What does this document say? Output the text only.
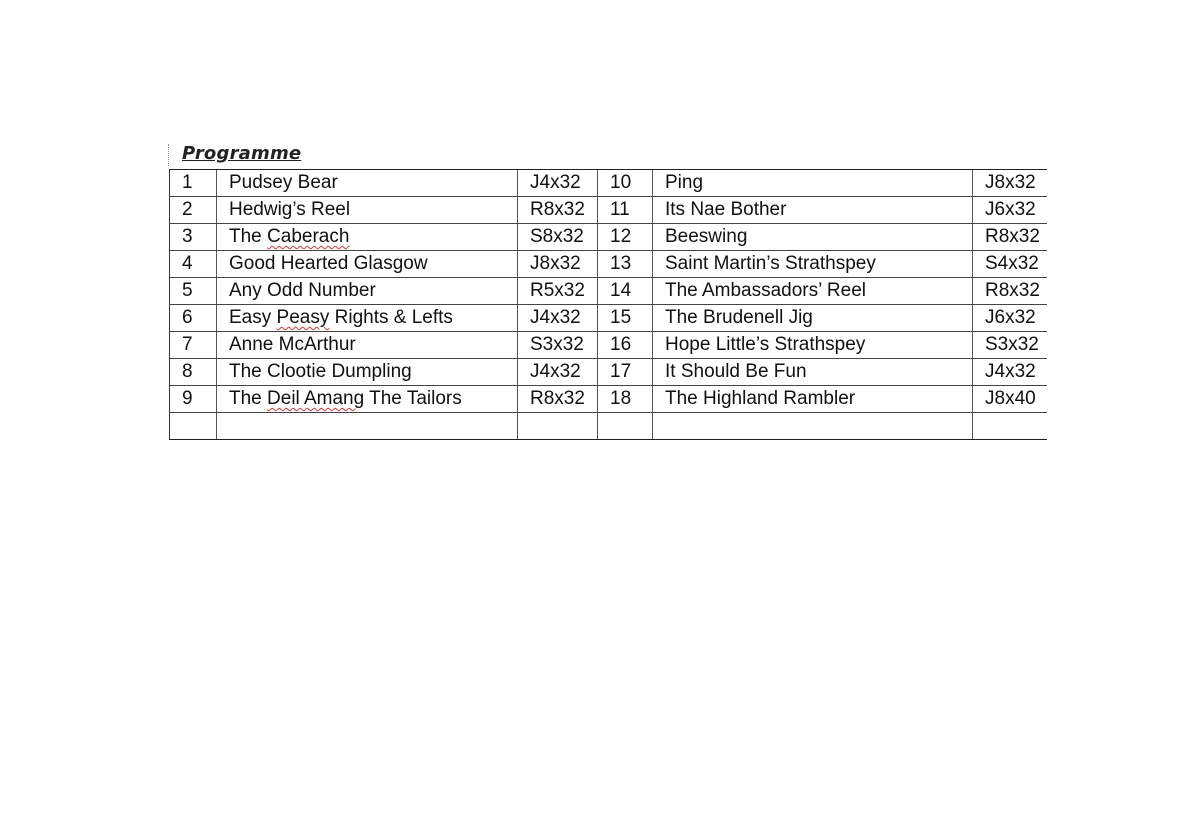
Programme
1	Pudsey Bear	J4x32	10	Ping	J8x32
2	Hedwig’s Reel	R8x32	11	Its Nae Bother	J6x32
3	The Caberach	S8x32	12	Beeswing	R8x32
4	Good Hearted Glasgow	J8x32	13	Saint Martin’s Strathspey	S4x32
5	Any Odd Number	R5x32	14	The Ambassadors’ Reel	R8x32
6	Easy Peasy Rights & Lefts	J4x32	15	The Brudenell Jig	J6x32
7	Anne McArthur	S3x32	16	Hope Little’s Strathspey	S3x32
8	The Clootie Dumpling	J4x32	17	It Should Be Fun	J4x32
9	The Deil Amang The Tailors	R8x32	18	The Highland Rambler	J8x40
